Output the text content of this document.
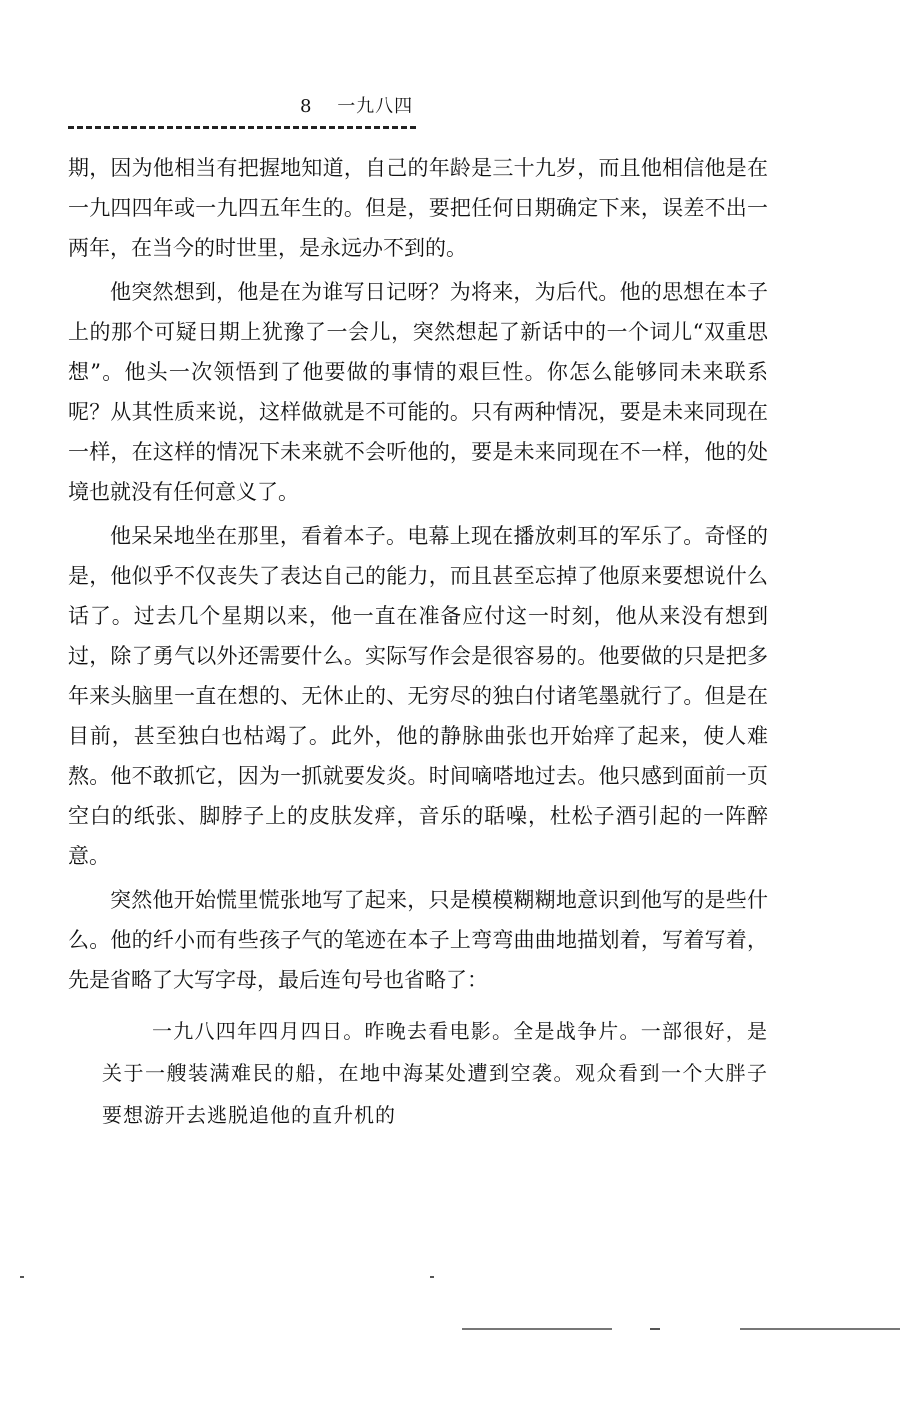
8 一九八四

期，因为他相当有把握地知道，自己的年龄是三十九岁，而且他相信他是在一九四四年或一九四五年生的。但是，要把任何日期确定下来，误差不出一两年，在当今的时世里，是永远办不到的。

他突然想到，他是在为谁写日记呀？为将来，为后代。他的思想在本子上的那个可疑日期上犹豫了一会儿，突然想起了新话中的一个词儿“双重思想”。他头一次领悟到了他要做的事情的艰巨性。你怎么能够同未来联系呢？从其性质来说，这样做就是不可能的。只有两种情况，要是未来同现在一样，在这样的情况下未来就不会听他的，要是未来同现在不一样，他的处境也就没有任何意义了。

他呆呆地坐在那里，看着本子。电幕上现在播放刺耳的军乐了。奇怪的是，他似乎不仅丧失了表达自己的能力，而且甚至忘掉了他原来要想说什么话了。过去几个星期以来，他一直在准备应付这一时刻，他从来没有想到过，除了勇气以外还需要什么。实际写作会是很容易的。他要做的只是把多年来头脑里一直在想的、无休止的、无穷尽的独白付诸笔墨就行了。但是在目前，甚至独白也枯竭了。此外，他的静脉曲张也开始痒了起来，使人难熬。他不敢抓它，因为一抓就要发炎。时间嘀嗒地过去。他只感到面前一页空白的纸张、脚脖子上的皮肤发痒，音乐的聒噪，杜松子酒引起的一阵醉意。

突然他开始慌里慌张地写了起来，只是模模糊糊地意识到他写的是些什么。他的纤小而有些孩子气的笔迹在本子上弯弯曲曲地描划着，写着写着，先是省略了大写字母，最后连句号也省略了：

一九八四年四月四日。昨晚去看电影。全是战争片。一部很好，是关于一艘装满难民的船，在地中海某处遭到空袭。观众看到一个大胖子要想游开去逃脱追他的直升机的
